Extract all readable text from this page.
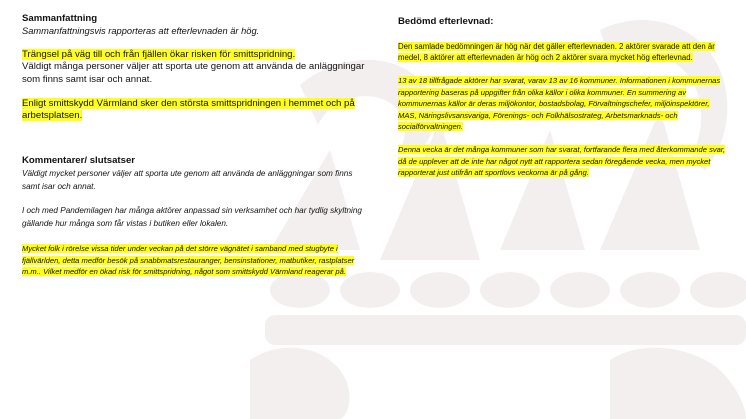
Sammanfattning
Sammanfattningsvis rapporteras att efterlevnaden är hög.

Trängsel på väg till och från fjällen ökar risken för smittspridning.
Väldigt många personer väljer att sporta ute genom att använda de anläggningar som finns samt isar och annat.

Enligt smittskydd Värmland sker den största smittspridningen i hemmet och på arbetsplatsen.

Kommentarer/ slutsatser

Väldigt mycket personer väljer att sporta ute genom att använda de anläggningar som finns samt isar och annat.

I och med Pandemilagen har många aktörer anpassad sin verksamhet och har tydlig skyltning gällande hur många som får vistas i butiken eller lokalen.

Mycket folk i rörelse vissa tider under veckan på det större vägnätet i samband med stugbyte i fjällvärlden, detta medför besök på snabbmatsrestauranger, bensinstationer, matbutiker, rastplatser m.m.. Vilket medför en ökad risk för smittspridning, något som smittskydd Värmland reagerar på.

Bedömd efterlevnad:

Den samlade bedömningen är hög när det gäller efterlevnaden. 2 aktörer svarade att den är medel, 8 aktörer att efterlevnaden är hög och 2 aktörer svara mycket hög efterlevnad.

13 av 18 tillfrågade aktörer har svarat, varav 13 av 16 kommuner. Informationen i kommunernas rapportering baseras på uppgifter från olika källor i olika kommuner. En summering av kommunernas källor är deras miljökontor, bostadsbolag, Förvaltningschefer, miljöinspektörer, MAS, Näringslivsansvariga, Förenings- och Folkhälsostrateg, Arbetsmarknads- och socialförvaltningen.

Denna vecka är det många kommuner som har svarat, fortfarande flera med återkommande svar, då de upplever att de inte har något nytt att rapportera sedan föregående vecka, men mycket rapporterat just utifrån att sportlovs veckorna är på gång.
